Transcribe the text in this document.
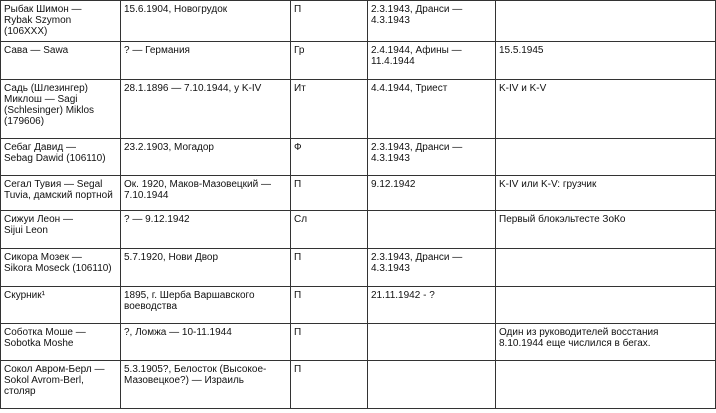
Рыбак Шимон —
Rybak Szymon
(106XXX)	15.6.1904, Новогрудок	П	2.3.1943, Дранси —
4.3.1943	
Сава — Sawa	? — Германия	Гр	2.4.1944, Афины —
11.4.1944	15.5.1945
Садь (Шлезингер)
Миклош — Sagi
(Schlesinger) Miklos
(179606)	28.1.1896 — 7.10.1944, у K-IV	Ит	4.4.1944, Триест	K-IV и K-V
Себаг Давид —
Sebag Dawid (106110)	23.2.1903, Могадор	Ф	2.3.1943, Дранси —
4.3.1943	
Сегал Тувия — Segal
Tuvia, дамский портной	Ок. 1920, Маков-Мазовецкий —
7.10.1944	П	9.12.1942	K-IV или K-V: грузчик
Сижуи Леон —
Sijui Leon	? — 9.12.1942	Сл		Первый блокэльтесте ЗоКо
Сикора Мозек —
Sikora Moseck (106110)	5.7.1920, Нови Двор	П	2.3.1943, Дранси —
4.3.1943	
Скурник¹	1895, г. Шерба Варшавского
воеводства	П	21.11.1942 - ?	
Соботка Моше —
Sobotka Moshe	?, Ломжа — 10-11.1944	П		Один из руководителей восстания
8.10.1944 еще числился в бегах.
Сокол Авром-Берл —
Sokol Avrom-Berl,
столяр	5.3.1905?, Белосток (Высокое-
Мазовецкое?) — Израиль	П		
